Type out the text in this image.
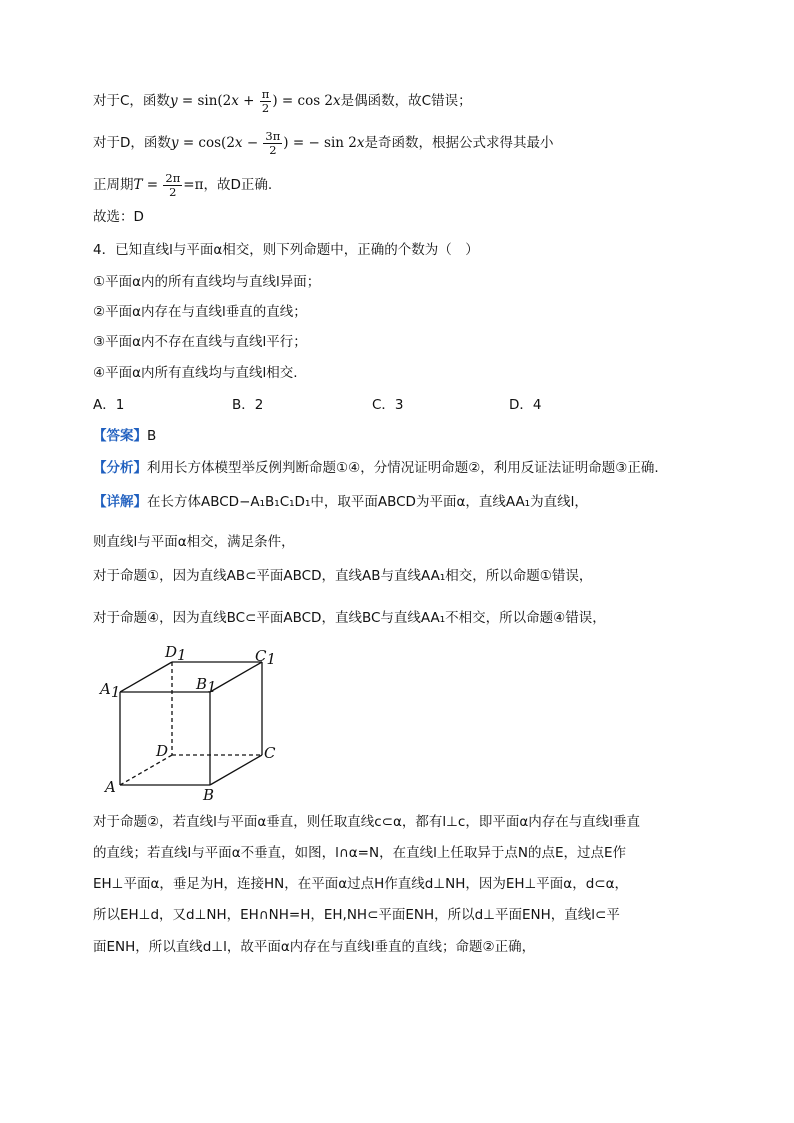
对于C，函数$y = \sin(2x + \frac{\pi}{2}$ ) = cos 2x是偶函数，故C错误；
对于D，函数$y = \cos(2x - \frac{3\pi}{2}$ ) = − sin 2x是奇函数，根据公式求得其最小
正周期$T = \frac{2\pi}{2} =\pi$，故D正确.
故选：D
4．已知直线l与平面α相交，则下列命题中，正确的个数为（　）
①平面α内的所有直线均与直线l异面；
②平面α内存在与直线l垂直的直线；
③平面α内不存在直线与直线l平行；
④平面α内所有直线均与直线l相交.
A．1	B．2	C．3	D．4
【答案】B
【分析】利用长方体模型举反例判断命题①④，分情况证明命题②，利用反证法证明命题③正确.
【详解】在长方体ABCD−A₁B₁C₁D₁中，取平面ABCD为平面α，直线AA₁为直线l，
则直线l与平面α相交，满足条件，
对于命题①，因为直线AB⊂平面ABCD，直线AB与直线AA₁相交，所以命题①错误，
对于命题④，因为直线BC⊂平面ABCD，直线BC与直线AA₁不相交，所以命题④错误，
D1	C1
A1	B1
D	C
A	B
对于命题②，若直线l与平面α垂直，则任取直线c⊂α，都有l⊥c，即平面α内存在与直线l垂直
的直线；若直线l与平面α不垂直，如图，l∩α=N，在直线l上任取异于点N的点E，过点E作
EH⊥平面α，垂足为H，连接HN，在平面α过点H作直线d⊥NH，因为EH⊥平面α，d⊂α，
所以EH⊥d，又d⊥NH，EH∩NH=H，EH,NH⊂平面ENH，所以d⊥平面ENH，直线l⊂平
面ENH，所以直线d⊥l，故平面α内存在与直线l垂直的直线；命题②正确，
